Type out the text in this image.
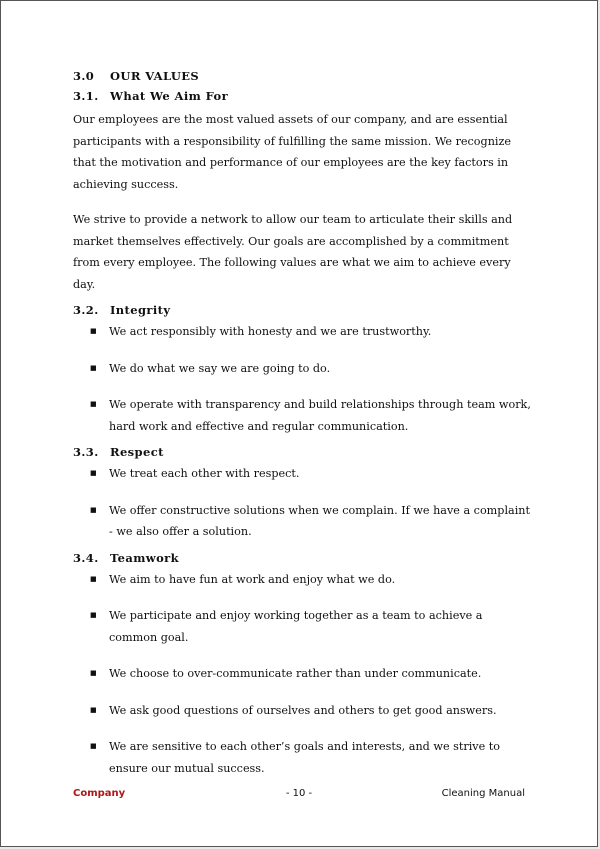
3.0	OUR VALUES
3.1. What We Aim For

Our employees are the most valued assets of our company, and are essential participants with a responsibility of fulfilling the same mission. We recognize that the motivation and performance of our employees are the key factors in achieving success.

We strive to provide a network to allow our team to articulate their skills and market themselves effectively. Our goals are accomplished by a commitment from every employee. The following values are what we aim to achieve every day.

3.2. Integrity
■ We act responsibly with honesty and we are trustworthy.
■ We do what we say we are going to do.
■ We operate with transparency and build relationships through team work, hard work and effective and regular communication.
3.3. Respect
■ We treat each other with respect.
■ We offer constructive solutions when we complain. If we have a complaint - we also offer a solution.
3.4. Teamwork
■ We aim to have fun at work and enjoy what we do.
■ We participate and enjoy working together as a team to achieve a common goal.
■ We choose to over-communicate rather than under communicate.
■ We ask good questions of ourselves and others to get good answers.
■ We are sensitive to each other’s goals and interests, and we strive to ensure our mutual success.
Company	- 10 -	Cleaning Manual
